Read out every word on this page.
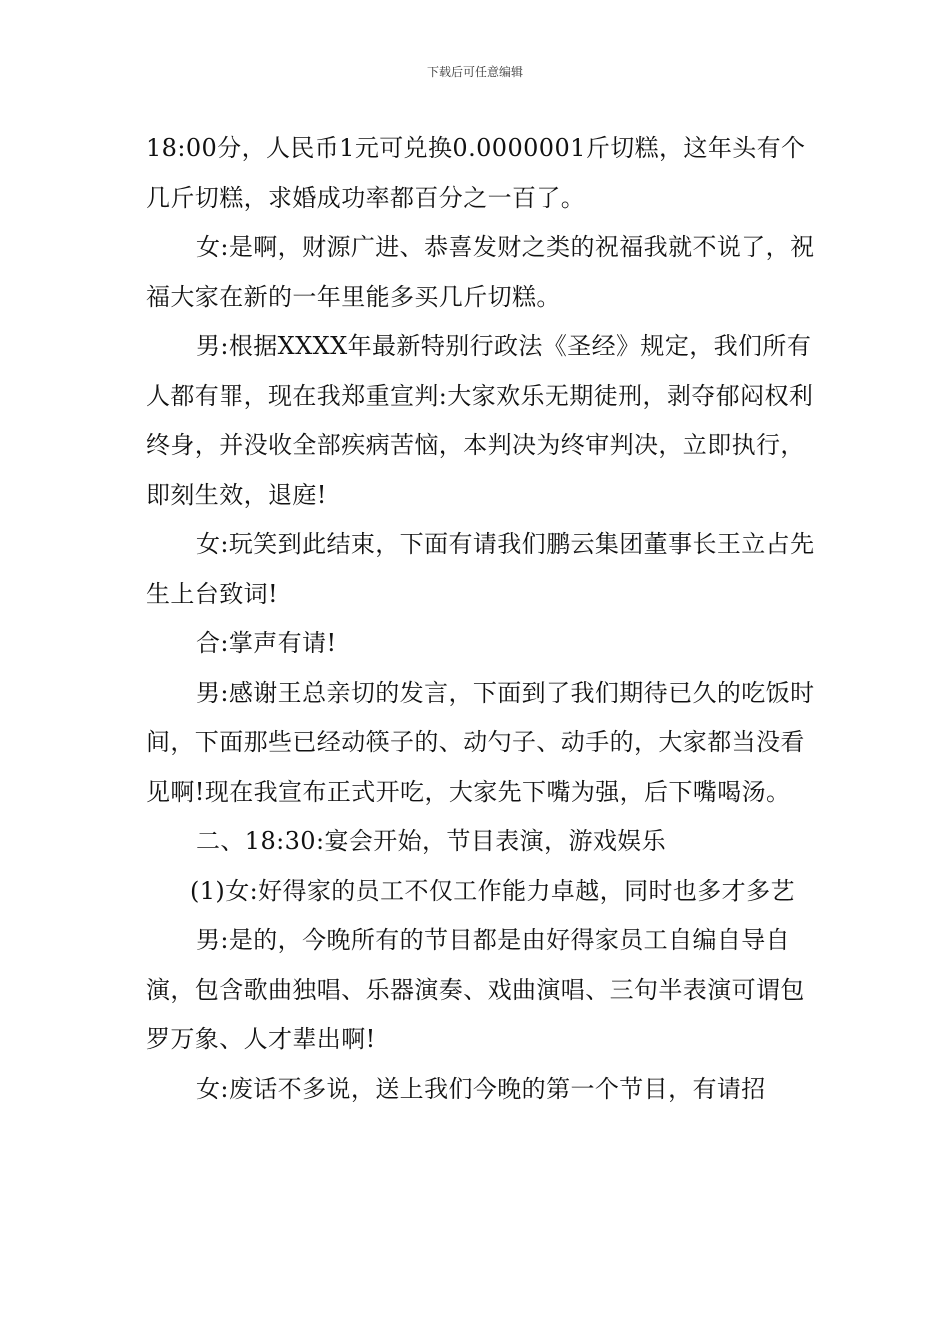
下载后可任意编辑

18:00分，人民币1元可兑换0.0000001斤切糕，这年头有个几斤切糕，求婚成功率都百分之一百了。

女:是啊，财源广进、恭喜发财之类的祝福我就不说了，祝福大家在新的一年里能多买几斤切糕。

男:根据XXXX年最新特别行政法《圣经》规定，我们所有人都有罪，现在我郑重宣判:大家欢乐无期徒刑，剥夺郁闷权利终身，并没收全部疾病苦恼，本判决为终审判决，立即执行，即刻生效，退庭!

女:玩笑到此结束，下面有请我们鹏云集团董事长王立占先生上台致词!

合:掌声有请!

男:感谢王总亲切的发言，下面到了我们期待已久的吃饭时间，下面那些已经动筷子的、动勺子、动手的，大家都当没看见啊!现在我宣布正式开吃，大家先下嘴为强，后下嘴喝汤。

二、18:30:宴会开始，节目表演，游戏娱乐

(1)女:好得家的员工不仅工作能力卓越，同时也多才多艺

男:是的，今晚所有的节目都是由好得家员工自编自导自演，包含歌曲独唱、乐器演奏、戏曲演唱、三句半表演可谓包罗万象、人才辈出啊!

女:废话不多说，送上我们今晚的第一个节目，有请招
